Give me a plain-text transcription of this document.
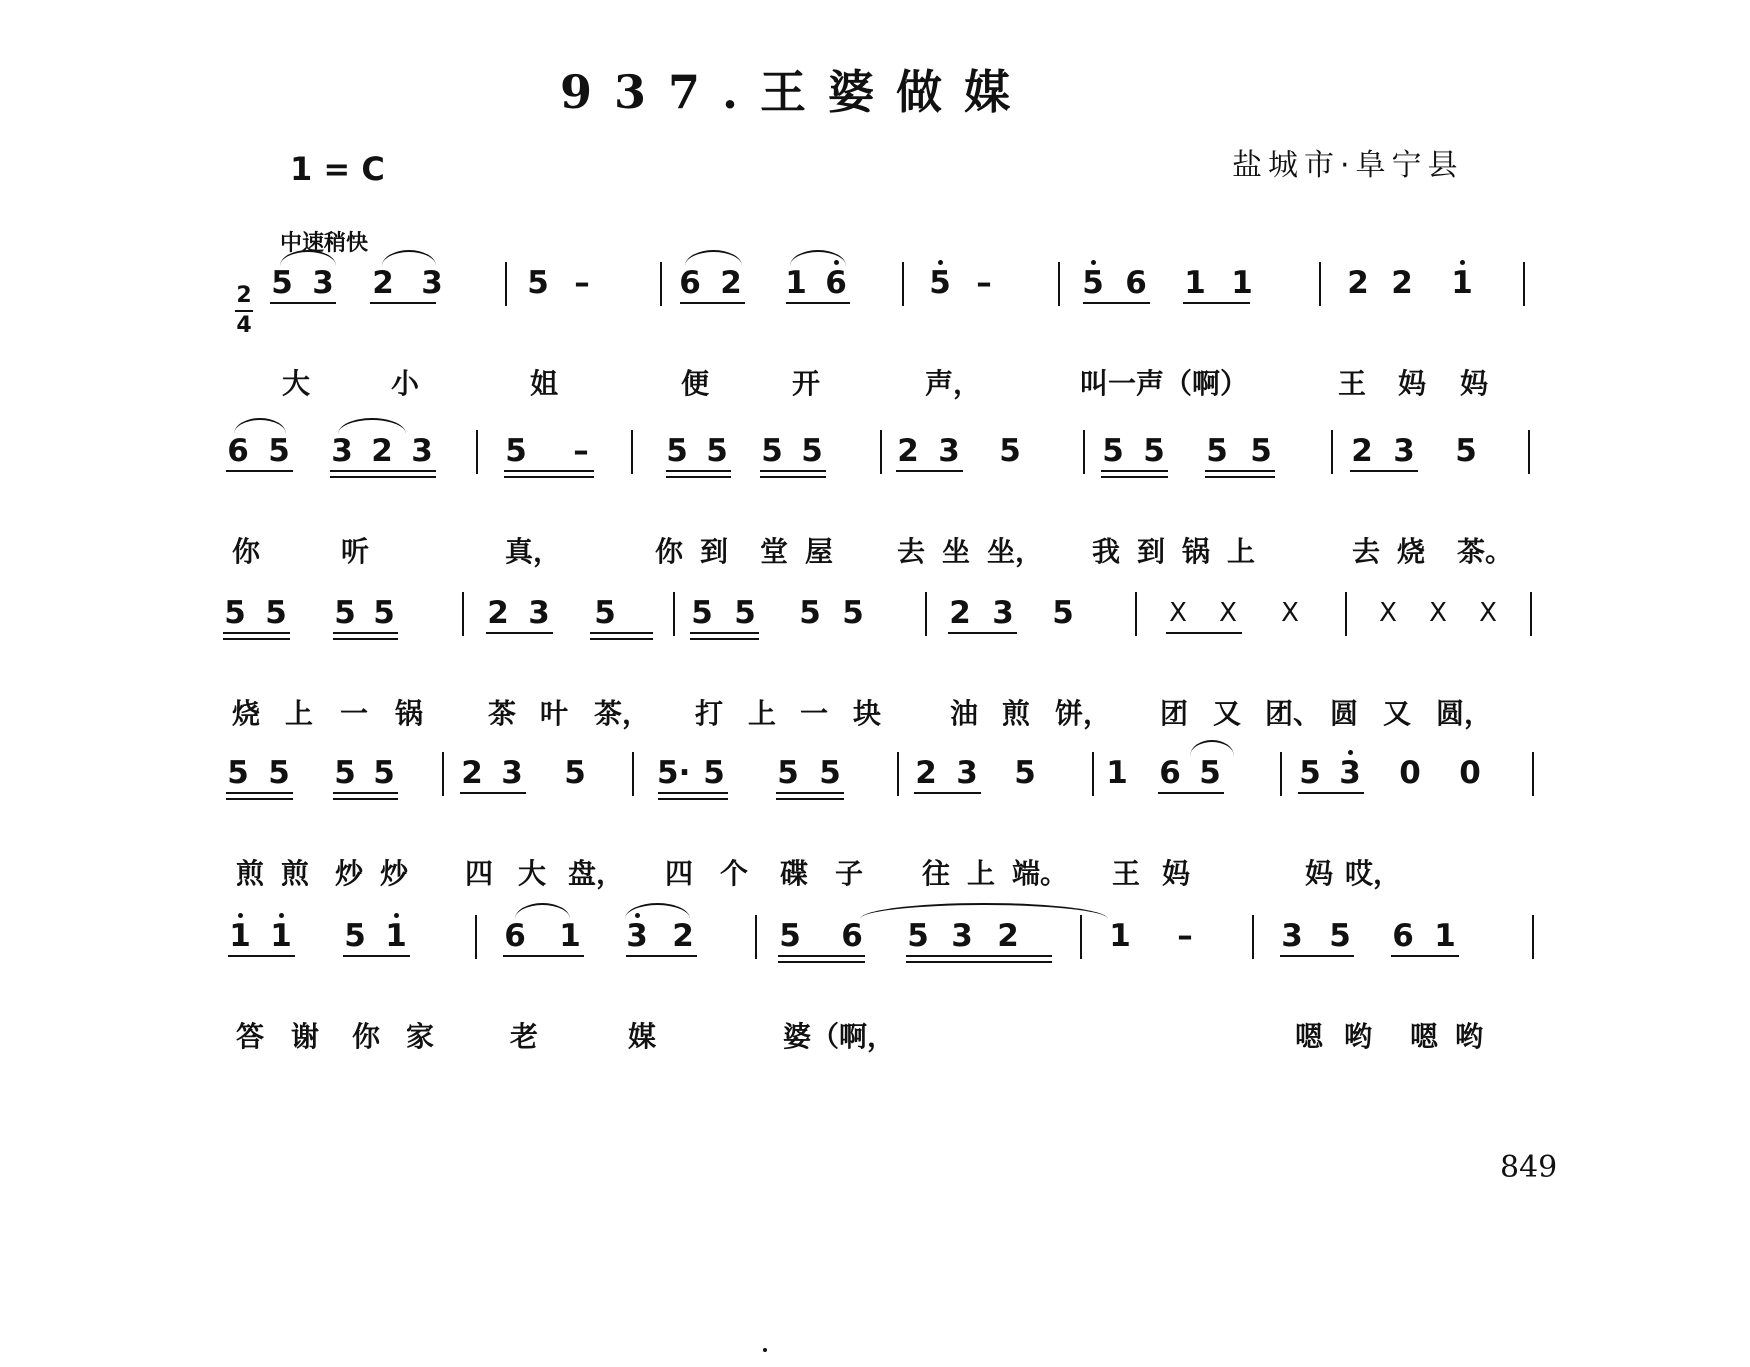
937.王婆做媒
1 = C	盐城市·阜宁县
中速稍快
2
4
5 3 2 3	5 –	6 2 1 6	5 –	5 6 1 1	2 2 1
大	小	姐	便	开	声，	叫一声（啊）	王 妈 妈
6 5 3 2 3 5 – 5 5 5 5 2 3 5	5 5 5 5	2 3 5
你	听	真，	你 到 堂 屋 去 坐 坐， 我 到 锅 上	去 烧 茶。
5 5 5 5	2 3 5 5 5 5 5	2 3 5	X X X	X X X
烧 上 一 锅 茶 叶 茶， 打 上 一 块 油 煎 饼， 团 又 团、 圆 又 圆，
5 5 5 5 2 3 5 5· 5 5 5 2 3 5 1 6 5	5 3 0 0
煎 煎 炒 炒 四 大 盘， 四 个 碟 子 往 上 端。 王 妈	妈 哎，
1 1 5 1	6 1 3 2	5 6 5 3 2	1 –	3 5 6 1
答 谢 你 家	老	媒	婆（啊，	嗯 哟 嗯 哟
849
